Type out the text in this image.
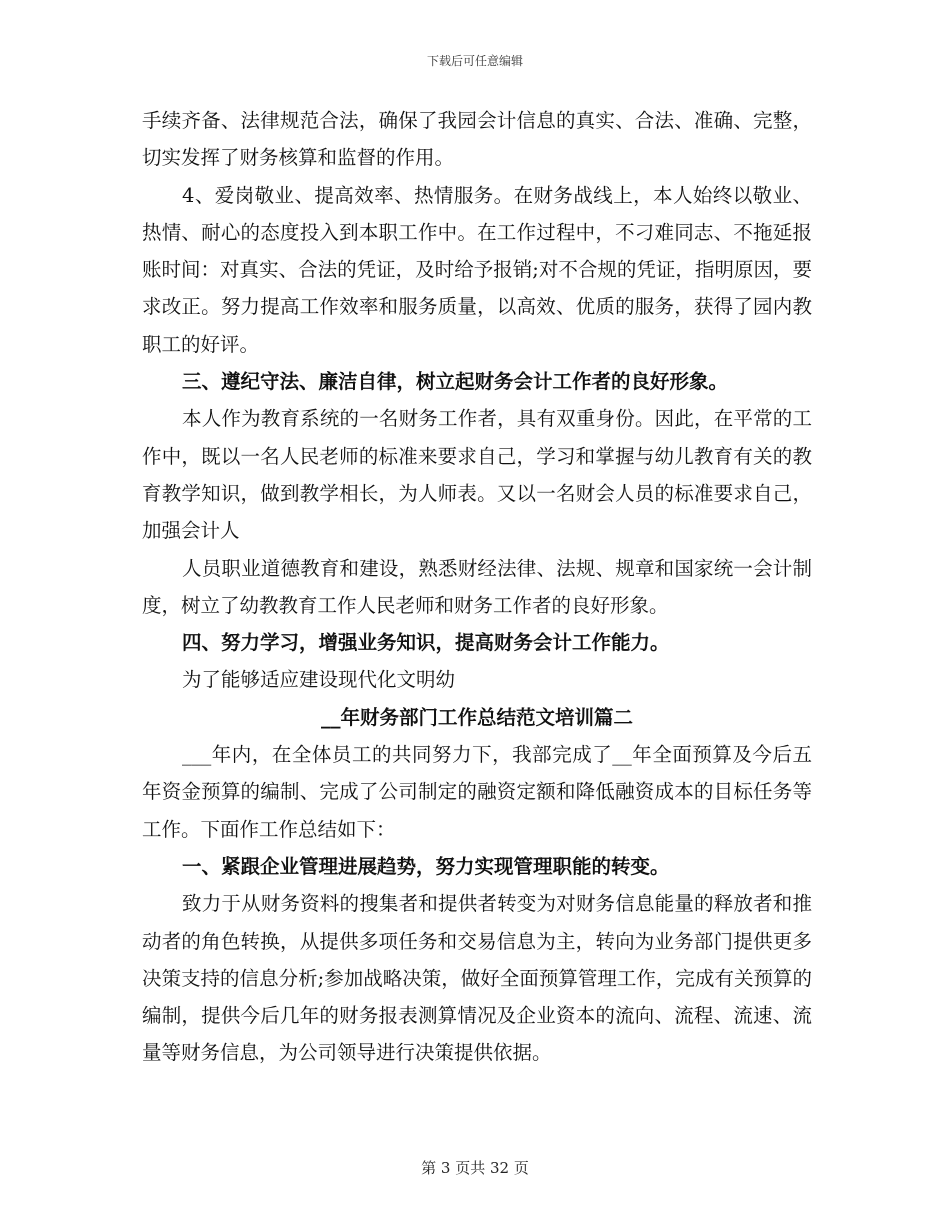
下载后可任意编辑

手续齐备、法律规范合法，确保了我园会计信息的真实、合法、准确、完整，切实发挥了财务核算和监督的作用。

4、爱岗敬业、提高效率、热情服务。在财务战线上，本人始终以敬业、热情、耐心的态度投入到本职工作中。在工作过程中，不刁难同志、不拖延报账时间：对真实、合法的凭证，及时给予报销;对不合规的凭证，指明原因，要求改正。努力提高工作效率和服务质量，以高效、优质的服务，获得了园内教职工的好评。

三、遵纪守法、廉洁自律，树立起财务会计工作者的良好形象。

本人作为教育系统的一名财务工作者，具有双重身份。因此，在平常的工作中，既以一名人民老师的标准来要求自己，学习和掌握与幼儿教育有关的教育教学知识，做到教学相长，为人师表。又以一名财会人员的标准要求自己，加强会计人

人员职业道德教育和建设，熟悉财经法律、法规、规章和国家统一会计制度，树立了幼教教育工作人民老师和财务工作者的良好形象。

四、努力学习，增强业务知识，提高财务会计工作能力。

为了能够适应建设现代化文明幼

__年财务部门工作总结范文培训篇二

___年内，在全体员工的共同努力下，我部完成了__年全面预算及今后五年资金预算的编制、完成了公司制定的融资定额和降低融资成本的目标任务等工作。下面作工作总结如下：

一、紧跟企业管理进展趋势，努力实现管理职能的转变。

致力于从财务资料的搜集者和提供者转变为对财务信息能量的释放者和推动者的角色转换，从提供多项任务和交易信息为主，转向为业务部门提供更多决策支持的信息分析;参加战略决策，做好全面预算管理工作，完成有关预算的编制，提供今后几年的财务报表测算情况及企业资本的流向、流程、流速、流量等财务信息，为公司领导进行决策提供依据。

第 3 页共 32 页
